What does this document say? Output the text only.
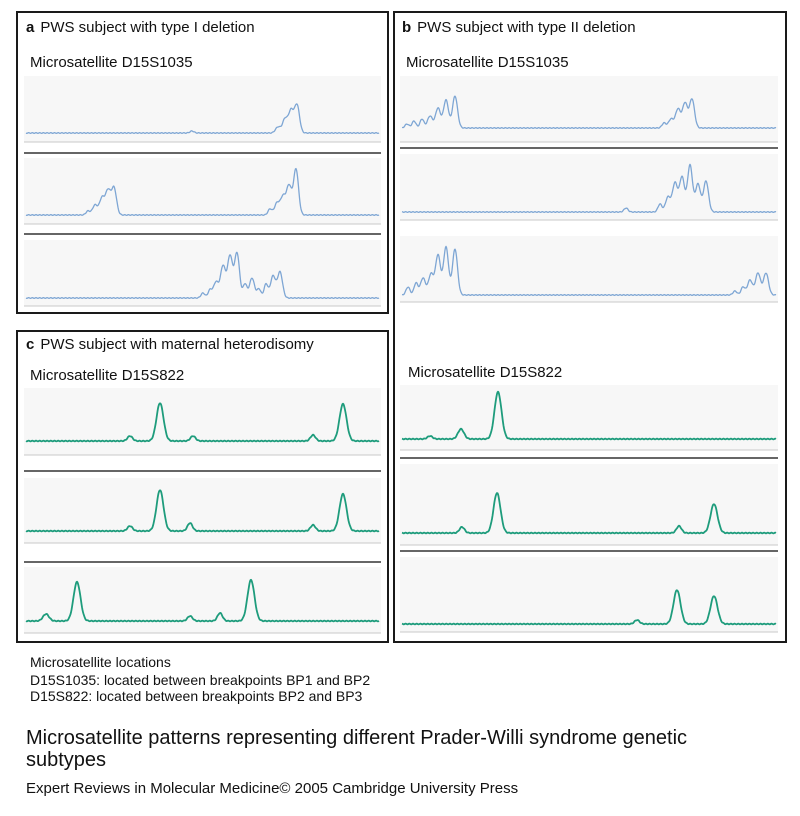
a PWS subject with type I deletion	b PWS subject with type II deletion
c PWS subject with maternal heterodisomy
Microsatellite D15S1035	Microsatellite D15S1035
Microsatellite D15S822	Microsatellite D15S822
Microsatellite locations
D15S1035: located between breakpoints BP1 and BP2
D15S822: located between breakpoints BP2 and BP3
Microsatellite patterns representing different Prader-Willi syndrome genetic subtypes
Expert Reviews in Molecular Medicine© 2005 Cambridge University Press
